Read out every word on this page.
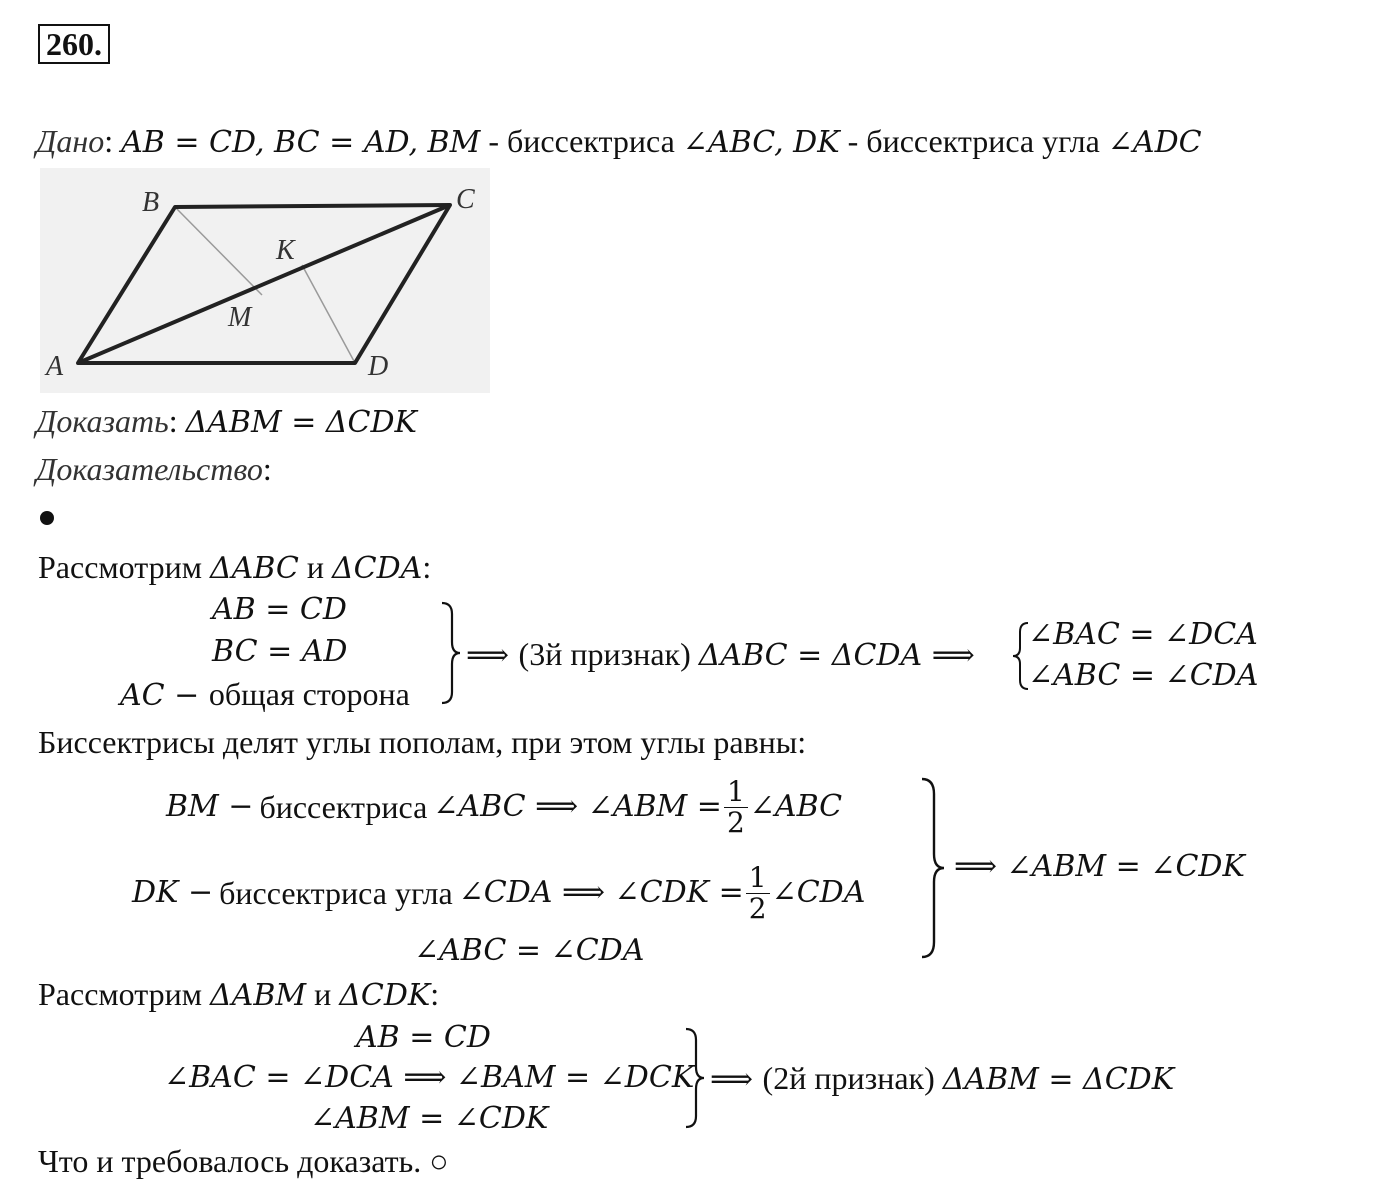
260.
Дано: AB = CD, BC = AD, BM - биссектриса ∠ABC, DK - биссектриса угла ∠ADC
A
B	C
D
K
M
Доказать: ΔABM = ΔCDK
Доказательство:
Рассмотрим ΔABC и ΔCDA:
AB = CD
BC = AD
AC − общая сторона
⟹ (3й признак) ΔABC = ΔCDA ⟹
∠BAC = ∠DCA
∠ABC = ∠CDA
Биссектрисы делят углы пополам, при этом углы равны:
BM − биссектриса ∠ABC ⟹ ∠ABM = $\frac{1}{2}$ ∠ABC
DK − биссектриса угла ∠CDA ⟹ ∠CDK = $\frac{1}{2}$ ∠CDA
∠ABC = ∠CDA
⟹ ∠ABM = ∠CDK
Рассмотрим ΔABM и ΔCDK:
AB = CD
∠BAC = ∠DCA ⟹ ∠BAM = ∠DCK
∠ABM = ∠CDK
⟹ (2й признак) ΔABM = ΔCDK
Что и требовалось доказать. ○
